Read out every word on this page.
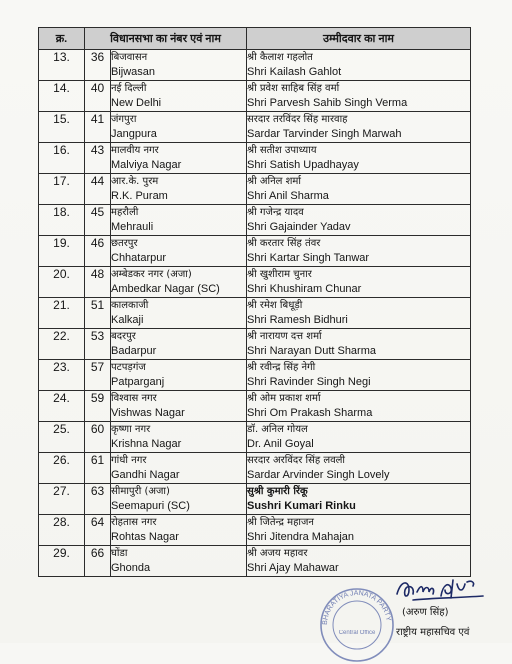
क्र.	विधानसभा का नंबर एवं नाम		उम्मीदवार का नाम
13.	36	बिजवासन
Bijwasan	श्री कैलाश गहलोत
Shri Kailash Gahlot

14.	40	नई दिल्ली
New Delhi	श्री प्रवेश साहिब सिंह वर्मा
Shri Parvesh Sahib Singh Verma

15.	41	जंगपुरा
Jangpura	सरदार तरविंदर सिंह मारवाह
Sardar Tarvinder Singh Marwah

16.	43	मालवीय नगर
Malviya Nagar	श्री सतीश उपाध्याय
Shri Satish Upadhayay

17.	44	आर.के. पुरम
R.K. Puram	श्री अनिल शर्मा
Shri Anil Sharma

18.	45	महरौली
Mehrauli	श्री गजेन्द्र यादव
Shri Gajainder Yadav

19.	46	छतरपुर
Chhatarpur	श्री करतार सिंह तंवर
Shri Kartar Singh Tanwar

20.	48	अम्बेडकर नगर (अजा)
Ambedkar Nagar (SC)	श्री खुशीराम चुनार
Shri Khushiram Chunar

21.	51	कालकाजी
Kalkaji	श्री रमेश बिधूड़ी
Shri Ramesh Bidhuri

22.	53	बदरपुर
Badarpur	श्री नारायण दत्त शर्मा
Shri Narayan Dutt Sharma

23.	57	पटपड़गंज
Patparganj	श्री रवीन्द्र सिंह नेगी
Shri Ravinder Singh Negi

24.	59	विश्वास नगर
Vishwas Nagar	श्री ओम प्रकाश शर्मा
Shri Om Prakash Sharma

25.	60	कृष्णा नगर
Krishna Nagar	डॉ. अनिल गोयल
Dr. Anil Goyal

26.	61	गांधी नगर
Gandhi Nagar	सरदार अरविंदर सिंह लवली
Sardar Arvinder Singh Lovely

27.	63	सीमापुरी (अजा)
Seemapuri (SC)	सुश्री कुमारी रिंकू
Sushri Kumari Rinku

28.	64	रोहतास नगर
Rohtas Nagar	श्री जितेन्द्र महाजन
Shri Jitendra Mahajan

29.	66	घोंडा
Ghonda	श्री अजय महावर
Shri Ajay Mahawar
BHARATIYA JANATA PARTY
Central Office
(अरुण सिंह)
राष्ट्रीय महासचिव एवं
